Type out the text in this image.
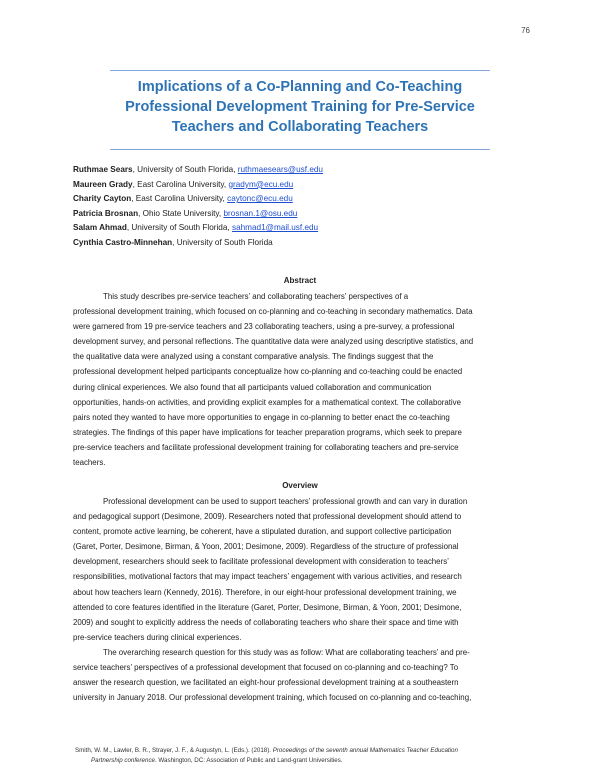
76
Implications of a Co-Planning and Co-Teaching
Professional Development Training for Pre-Service
Teachers and Collaborating Teachers
Ruthmae Sears, University of South Florida, ruthmaesears@usf.edu
Maureen Grady, East Carolina University, gradym@ecu.edu
Charity Cayton, East Carolina University, caytonc@ecu.edu
Patricia Brosnan, Ohio State University, brosnan.1@osu.edu
Salam Ahmad, University of South Florida, sahmad1@mail.usf.edu
Cynthia Castro-Minnehan, University of South Florida
Abstract
This study describes pre-service teachers’ and collaborating teachers’ perspectives of a
professional development training, which focused on co-planning and co-teaching in secondary mathematics. Data
were garnered from 19 pre-service teachers and 23 collaborating teachers, using a pre-survey, a professional
development survey, and personal reflections. The quantitative data were analyzed using descriptive statistics, and
the qualitative data were analyzed using a constant comparative analysis. The findings suggest that the
professional development helped participants conceptualize how co-planning and co-teaching could be enacted
during clinical experiences. We also found that all participants valued collaboration and communication
opportunities, hands-on activities, and providing explicit examples for a mathematical context. The collaborative
pairs noted they wanted to have more opportunities to engage in co-planning to better enact the co-teaching
strategies. The findings of this paper have implications for teacher preparation programs, which seek to prepare
pre-service teachers and facilitate professional development training for collaborating teachers and pre-service
teachers.
Overview
Professional development can be used to support teachers’ professional growth and can vary in duration
and pedagogical support (Desimone, 2009). Researchers noted that professional development should attend to
content, promote active learning, be coherent, have a stipulated duration, and support collective participation
(Garet, Porter, Desimone, Birman, & Yoon, 2001; Desimone, 2009). Regardless of the structure of professional
development, researchers should seek to facilitate professional development with consideration to teachers’
responsibilities, motivational factors that may impact teachers’ engagement with various activities, and research
about how teachers learn (Kennedy, 2016). Therefore, in our eight-hour professional development training, we
attended to core features identified in the literature (Garet, Porter, Desimone, Birman, & Yoon, 2001; Desimone,
2009) and sought to explicitly address the needs of collaborating teachers who share their space and time with
pre-service teachers during clinical experiences.
The overarching research question for this study was as follow: What are collaborating teachers’ and pre-
service teachers’ perspectives of a professional development that focused on co-planning and co-teaching? To
answer the research question, we facilitated an eight-hour professional development training at a southeastern
university in January 2018. Our professional development training, which focused on co-planning and co-teaching,
Smith, W. M., Lawler, B. R., Strayer, J. F., & Augustyn, L. (Eds.). (2018). Proceedings of the seventh annual Mathematics Teacher Education
Partnership conference. Washington, DC: Association of Public and Land-grant Universities.
